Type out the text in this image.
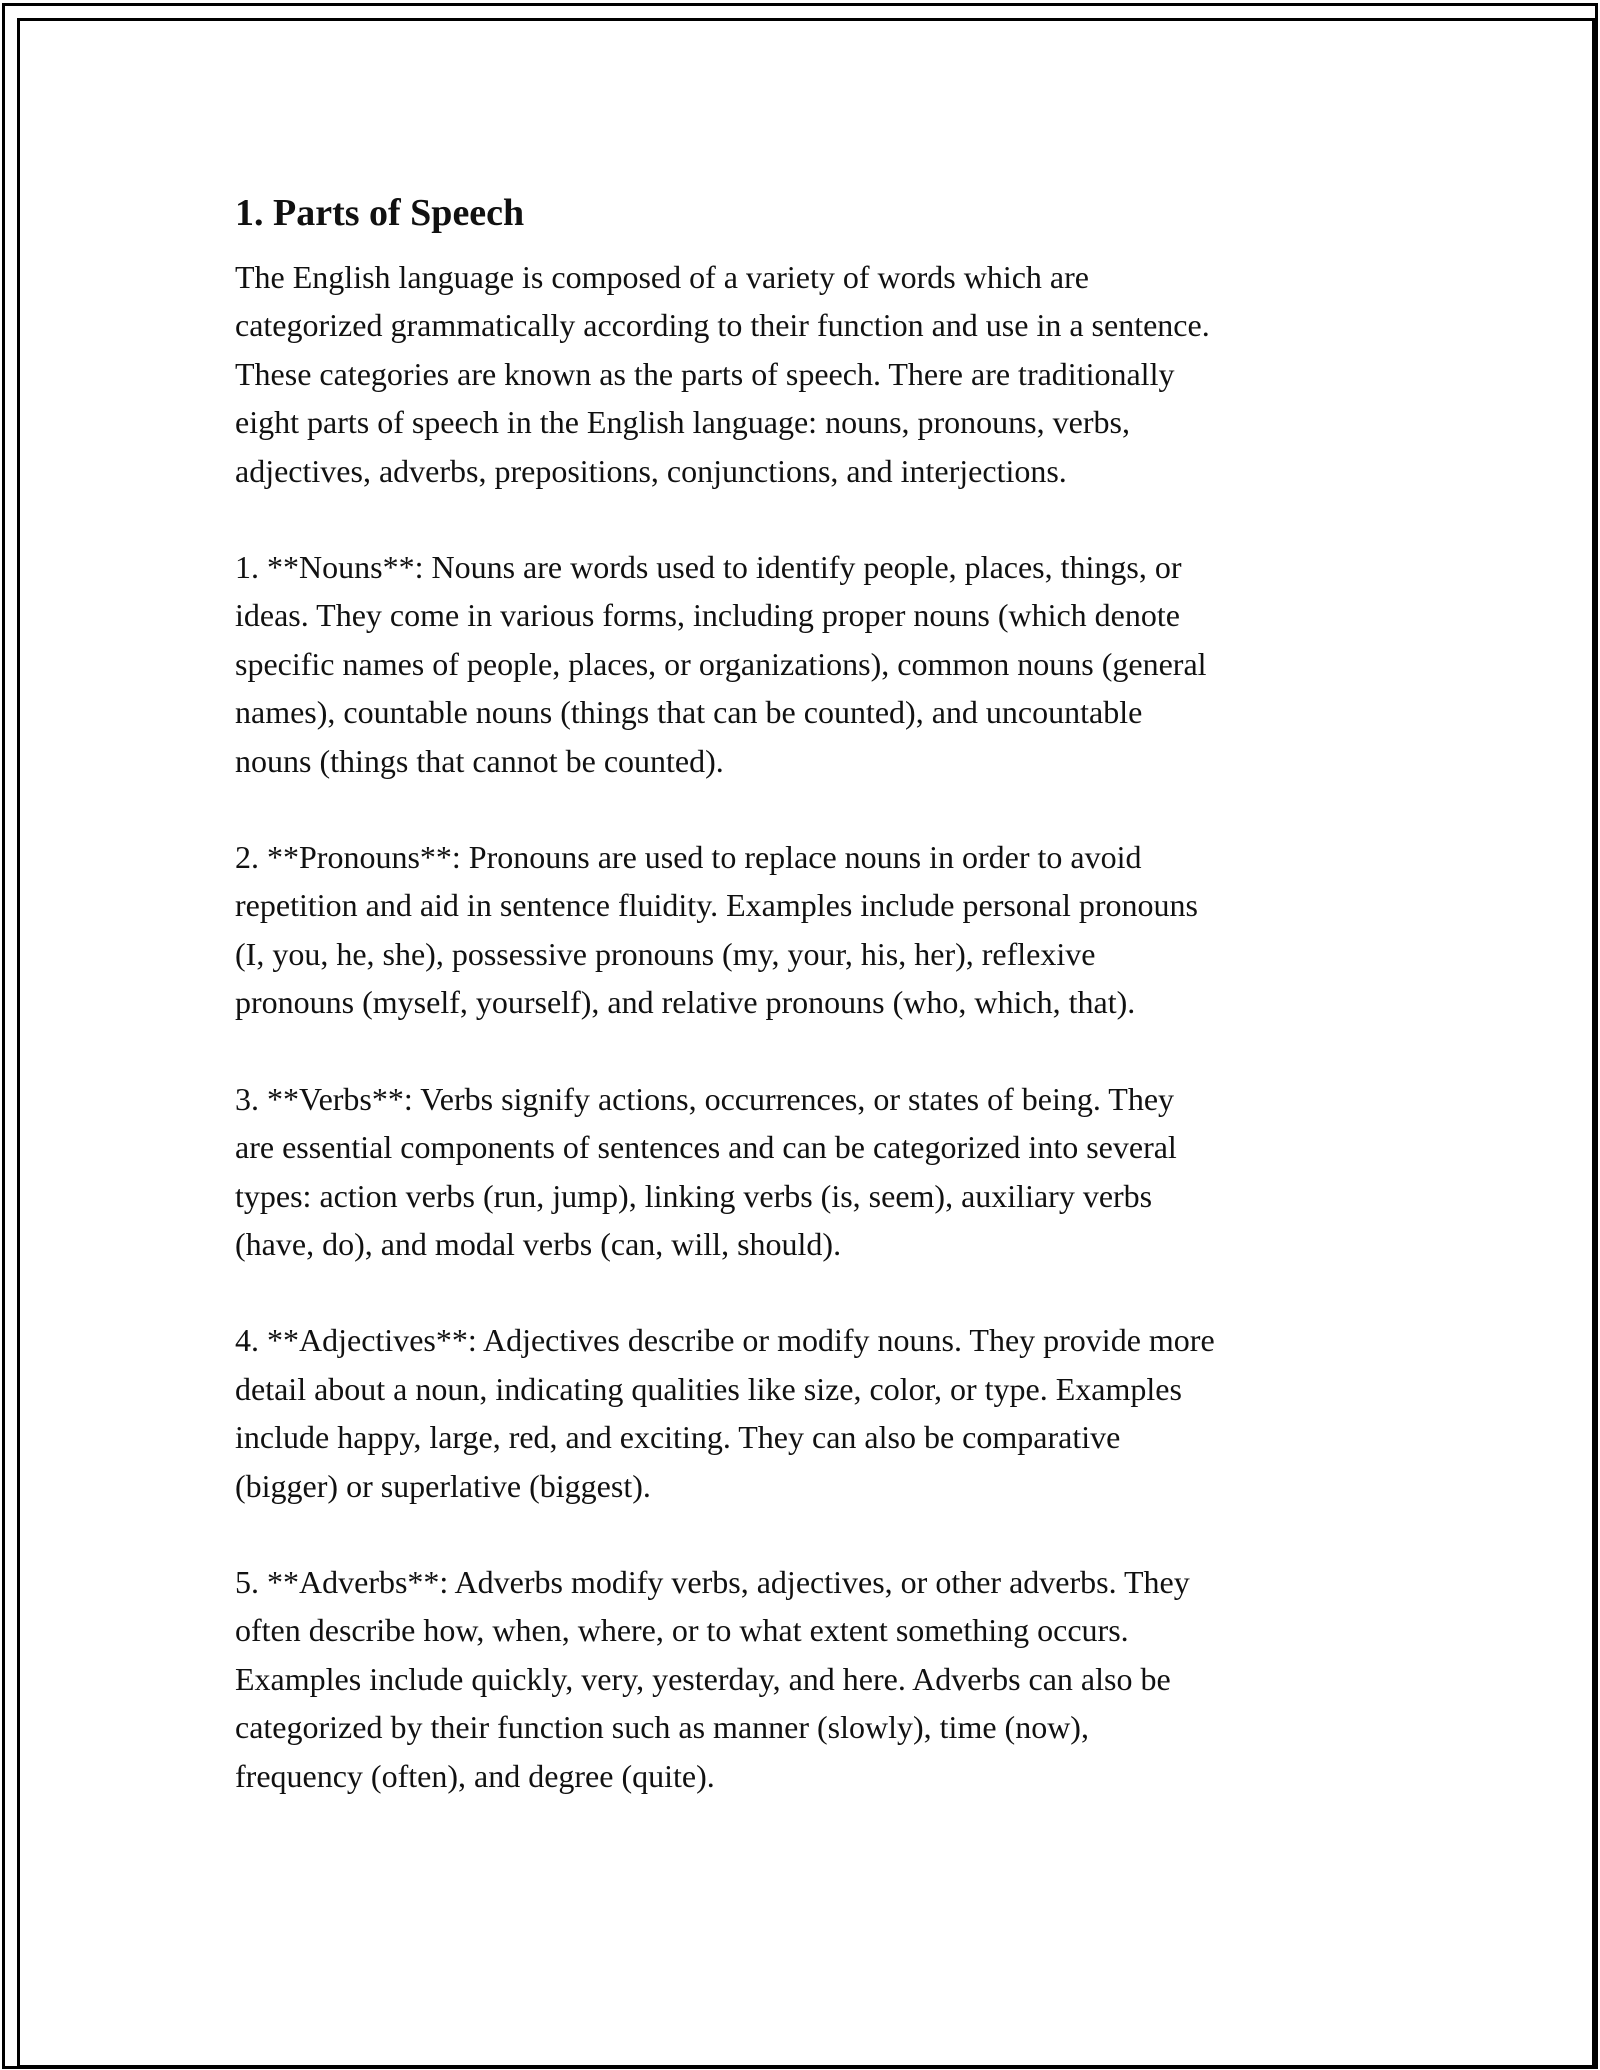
1. Parts of Speech

The English language is composed of a variety of words which are
categorized grammatically according to their function and use in a sentence.
These categories are known as the parts of speech. There are traditionally
eight parts of speech in the English language: nouns, pronouns, verbs,
adjectives, adverbs, prepositions, conjunctions, and interjections.

1. **Nouns**: Nouns are words used to identify people, places, things, or
ideas. They come in various forms, including proper nouns (which denote
specific names of people, places, or organizations), common nouns (general
names), countable nouns (things that can be counted), and uncountable
nouns (things that cannot be counted).

2. **Pronouns**: Pronouns are used to replace nouns in order to avoid
repetition and aid in sentence fluidity. Examples include personal pronouns
(I, you, he, she), possessive pronouns (my, your, his, her), reflexive
pronouns (myself, yourself), and relative pronouns (who, which, that).

3. **Verbs**: Verbs signify actions, occurrences, or states of being. They
are essential components of sentences and can be categorized into several
types: action verbs (run, jump), linking verbs (is, seem), auxiliary verbs
(have, do), and modal verbs (can, will, should).

4. **Adjectives**: Adjectives describe or modify nouns. They provide more
detail about a noun, indicating qualities like size, color, or type. Examples
include happy, large, red, and exciting. They can also be comparative
(bigger) or superlative (biggest).

5. **Adverbs**: Adverbs modify verbs, adjectives, or other adverbs. They
often describe how, when, where, or to what extent something occurs.
Examples include quickly, very, yesterday, and here. Adverbs can also be
categorized by their function such as manner (slowly), time (now),
frequency (often), and degree (quite).
